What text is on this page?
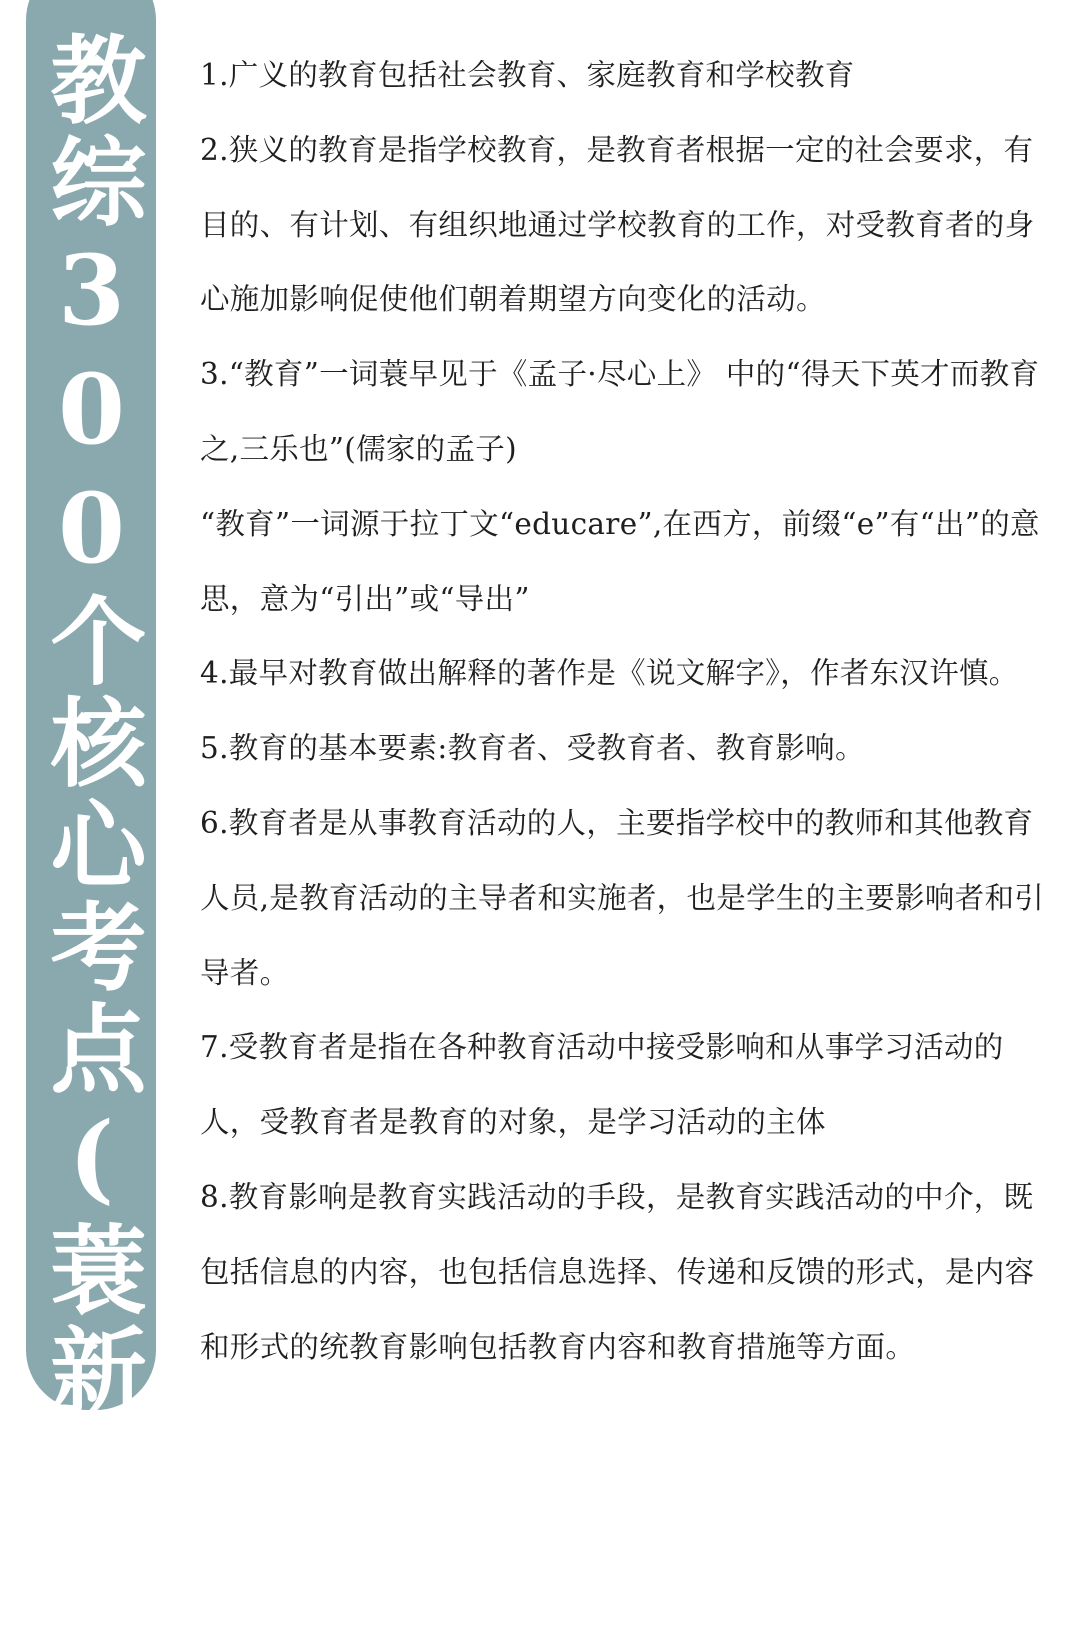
教综300个核心考点(蓑新版) 1.广义的教育包括社会教育、家庭教育和学校教育

2.狭义的教育是指学校教育，是教育者根据一定的社会要求，有目的、有计划、有组织地通过学校教育的工作，对受教育者的身心施加影响促使他们朝着期望方向变化的活动。

3.“教育”一词蓑早见于《孟子·尽心上》 中的“得天下英才而教育之,三乐也”(儒家的孟子)

“教育”一词源于拉丁文“educare”,在西方，前缀“e”有“出”的意思，意为“引出”或“导出”

4.最早对教育做出解释的著作是《说文解字》，作者东汉许慎。

5.教育的基本要素:教育者、受教育者、教育影响。

6.教育者是从事教育活动的人，主要指学校中的教师和其他教育人员,是教育活动的主导者和实施者，也是学生的主要影响者和引导者。

7.受教育者是指在各种教育活动中接受影响和从事学习活动的人，受教育者是教育的对象，是学习活动的主体

8.教育影响是教育实践活动的手段，是教育实践活动的中介，既包括信息的内容，也包括信息选择、传递和反馈的形式，是内容和形式的统教育影响包括教育内容和教育措施等方面。
